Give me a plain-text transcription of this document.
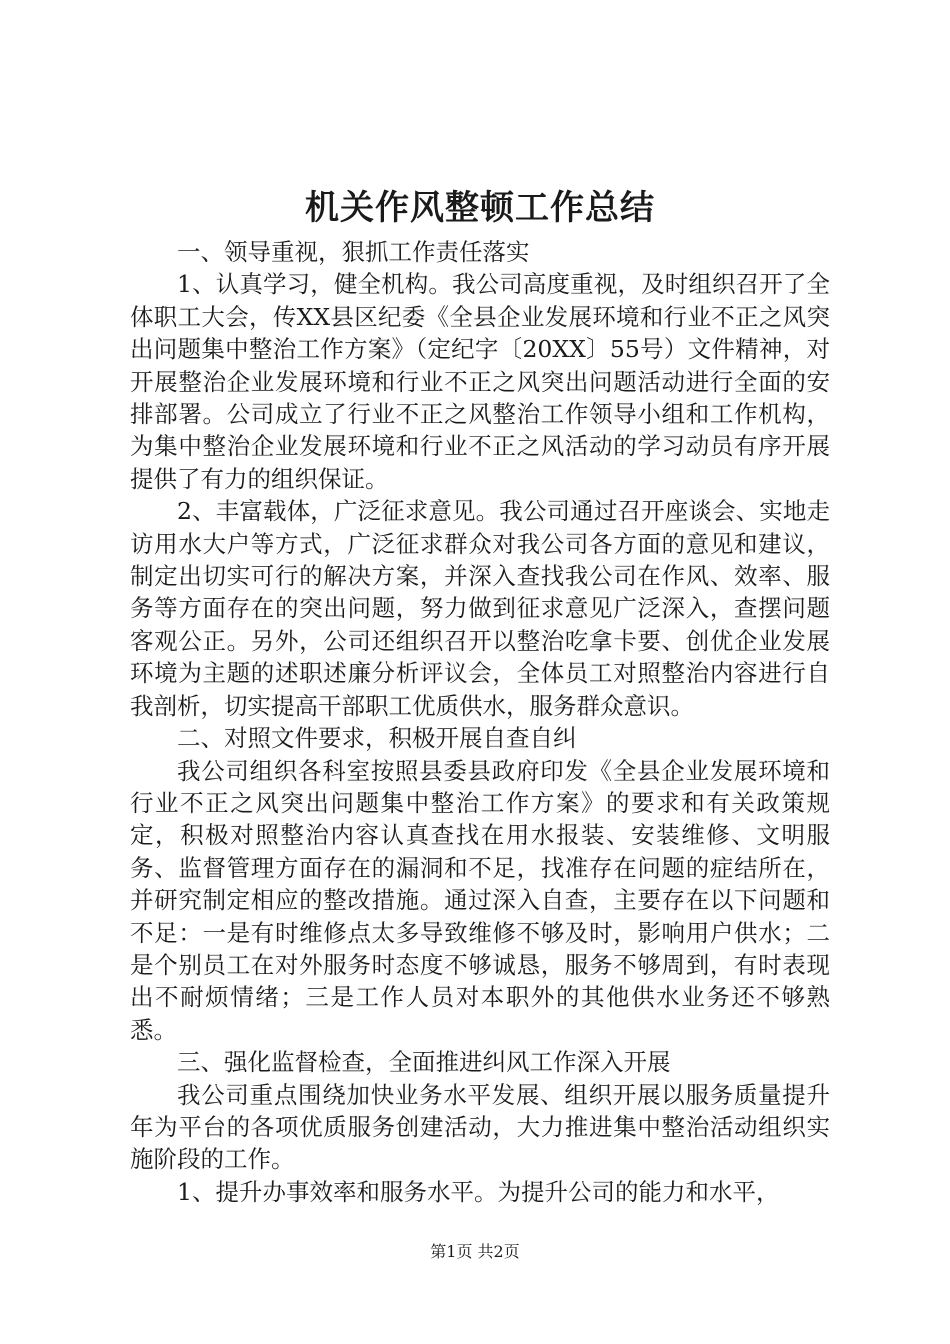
机关作风整顿工作总结

一、领导重视，狠抓工作责任落实

1、认真学习，健全机构。我公司高度重视，及时组织召开了全体职工大会，传XX县区纪委《全县企业发展环境和行业不正之风突出问题集中整治工作方案》（定纪字〔20XX〕55号）文件精神，对开展整治企业发展环境和行业不正之风突出问题活动进行全面的安排部署。公司成立了行业不正之风整治工作领导小组和工作机构，为集中整治企业发展环境和行业不正之风活动的学习动员有序开展提供了有力的组织保证。

2、丰富载体，广泛征求意见。我公司通过召开座谈会、实地走访用水大户等方式，广泛征求群众对我公司各方面的意见和建议，制定出切实可行的解决方案，并深入查找我公司在作风、效率、服务等方面存在的突出问题，努力做到征求意见广泛深入，查摆问题客观公正。另外，公司还组织召开以整治吃拿卡要、创优企业发展环境为主题的述职述廉分析评议会，全体员工对照整治内容进行自我剖析，切实提高干部职工优质供水，服务群众意识。

二、对照文件要求，积极开展自查自纠

我公司组织各科室按照县委县政府印发《全县企业发展环境和行业不正之风突出问题集中整治工作方案》的要求和有关政策规定，积极对照整治内容认真查找在用水报装、安装维修、文明服务、监督管理方面存在的漏洞和不足，找准存在问题的症结所在，并研究制定相应的整改措施。通过深入自查，主要存在以下问题和不足：一是有时维修点太多导致维修不够及时，影响用户供水；二是个别员工在对外服务时态度不够诚恳，服务不够周到，有时表现出不耐烦情绪；三是工作人员对本职外的其他供水业务还不够熟悉。

三、强化监督检查，全面推进纠风工作深入开展

我公司重点围绕加快业务水平发展、组织开展以服务质量提升年为平台的各项优质服务创建活动，大力推进集中整治活动组织实施阶段的工作。

1、提升办事效率和服务水平。为提升公司的能力和水平，

第1页 共2页
